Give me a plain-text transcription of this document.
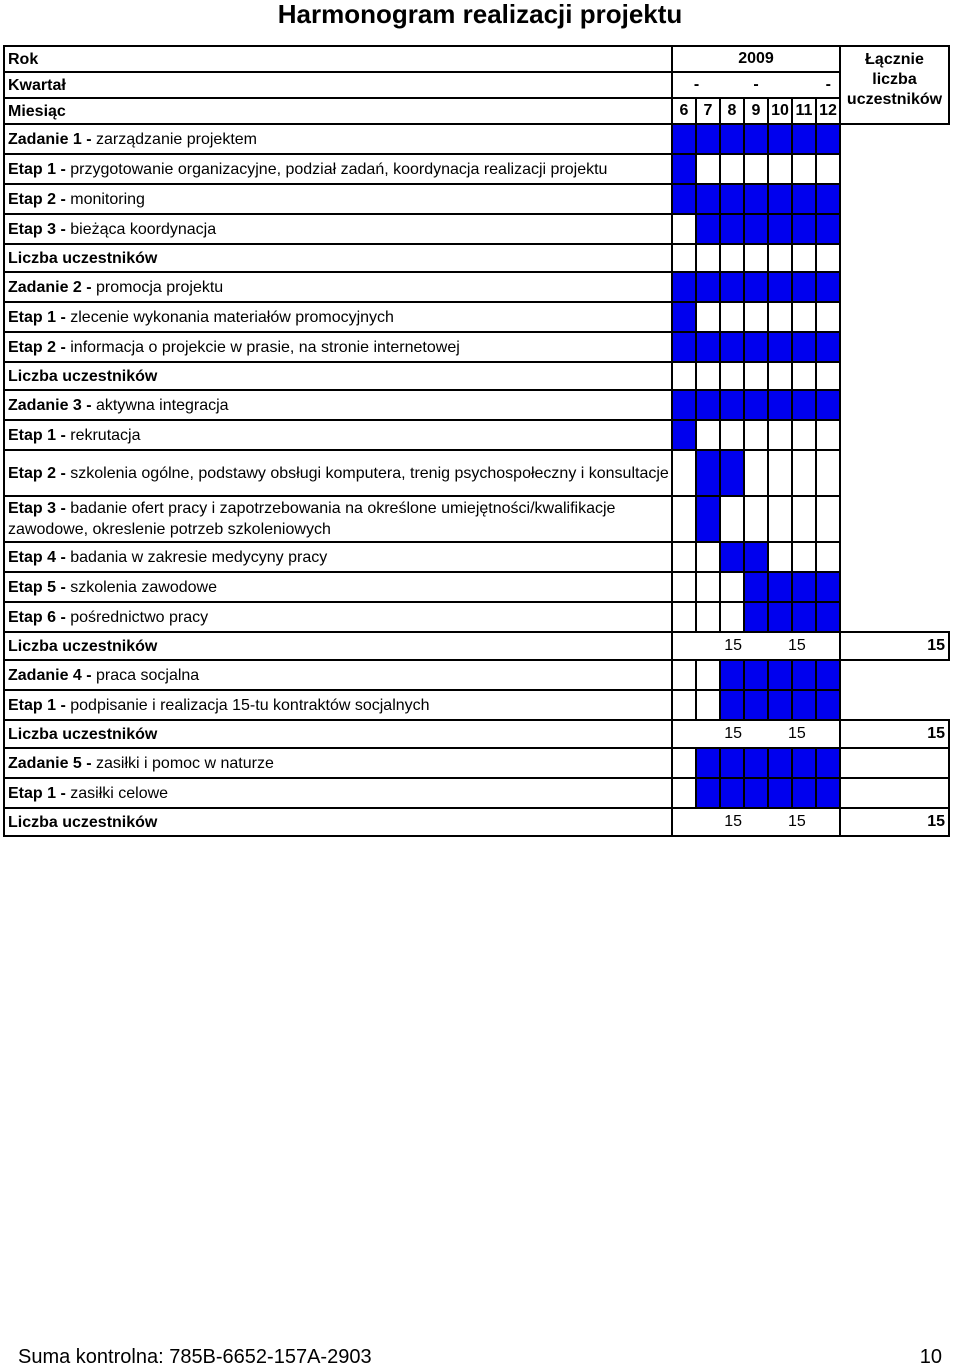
Harmonogram realizacji projektu
Rok	2009							Łącznie liczba uczestników
Kwartał	-		-			-		
Miesiąc	6	7	8	9	10	11	12	
Zadanie 1 - zarządzanie projektem								
Etap 1 - przygotowanie organizacyjne, podział zadań, koordynacja realizacji projektu								
Etap 2 - monitoring								
Etap 3 - bieżąca koordynacja								
Liczba uczestników								
Zadanie 2 - promocja projektu								
Etap 1 - zlecenie wykonania materiałów promocyjnych								
Etap 2 - informacja o projekcie w prasie, na stronie internetowej								
Liczba uczestników								
Zadanie 3 - aktywna integracja								
Etap 1 - rekrutacja								
Etap 2 - szkolenia ogólne, podstawy obsługi komputera, trenig psychospołeczny i konsultacje								
Etap 3 - badanie ofert pracy i zapotrzebowania na określone umiejętności/kwalifikacje zawodowe, okreslenie potrzeb szkoleniowych								
Etap 4 - badania w zakresie medycyny pracy								
Etap 5 - szkolenia zawodowe								
Etap 6 - pośrednictwo pracy								
Liczba uczestników	15			15				15
Zadanie 4 - praca socjalna								
Etap 1 - podpisanie i realizacja 15-tu kontraktów socjalnych								
Liczba uczestników	15			15				15
Zadanie 5 - zasiłki i pomoc w naturze								
Etap 1 - zasiłki celowe								
Liczba uczestników	15			15				15
Suma kontrolna: 785B-6652-157A-2903	10
